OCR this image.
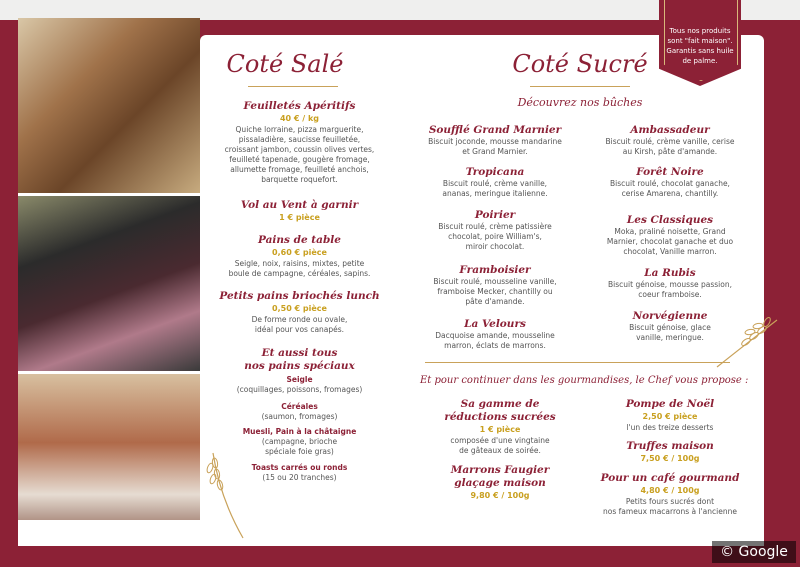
Tous nos produits
sont "fait maison".
Garantis sans huile
de palme.
Coté Salé
Feuilletés Apéritifs
40 € / kg
Quiche lorraine, pizza marguerite,
pissaladière, saucisse feuilletée,
croissant jambon, coussin olives vertes,
feuilleté tapenade, gougère fromage,
allumette fromage, feuilleté anchois,
barquette roquefort.
Vol au Vent à garnir
1 € pièce
Pains de table
0,60 € pièce
Seigle, noix, raisins, mixtes, petite
boule de campagne, céréales, sapins.
Petits pains briochés lunch
0,50 € pièce
De forme ronde ou ovale,
idéal pour vos canapés.
Et aussi tous
nos pains spéciaux
Seigle
(coquillages, poissons, fromages)
Céréales
(saumon, fromages)
Muesli, Pain à la châtaigne
(campagne, brioche
spéciale foie gras)
Toasts carrés ou ronds
(15 ou 20 tranches)
Coté Sucré
Découvrez nos bûches
Soufflé Grand Marnier
Biscuit joconde, mousse mandarine
et Grand Marnier.
Tropicana
Biscuit roulé, crème vanille,
ananas, meringue italienne.
Poirier
Biscuit roulé, crème patissière
chocolat, poire William's,
miroir chocolat.
Framboisier
Biscuit roulé, mousseline vanille,
framboise Mecker, chantilly ou
pâte d'amande.
La Velours
Dacquoise amande, mousseline
marron, éclats de marrons.
Ambassadeur
Biscuit roulé, crème vanille, cerise
au Kirsh, pâte d'amande.
Forêt Noire
Biscuit roulé, chocolat ganache,
cerise Amarena, chantilly.
Les Classiques
Moka, praliné noisette, Grand
Marnier, chocolat ganache et duo
chocolat, Vanille marron.
La Rubis
Biscuit génoise, mousse passion,
coeur framboise.
Norvégienne
Biscuit génoise, glace
vanille, meringue.
Et pour continuer dans les gourmandises, le Chef vous propose :
Sa gamme de
réductions sucrées
1 € pièce
composée d'une vingtaine
de gâteaux de soirée.
Marrons Faugier
glaçage maison
9,80 € / 100g
Pompe de Noël
2,50 € pièce
l'un des treize desserts
Truffes maison
7,50 € / 100g
Pour un café gourmand
4,80 € / 100g
Petits fours sucrés dont
nos fameux macarrons à l'ancienne
© Google
